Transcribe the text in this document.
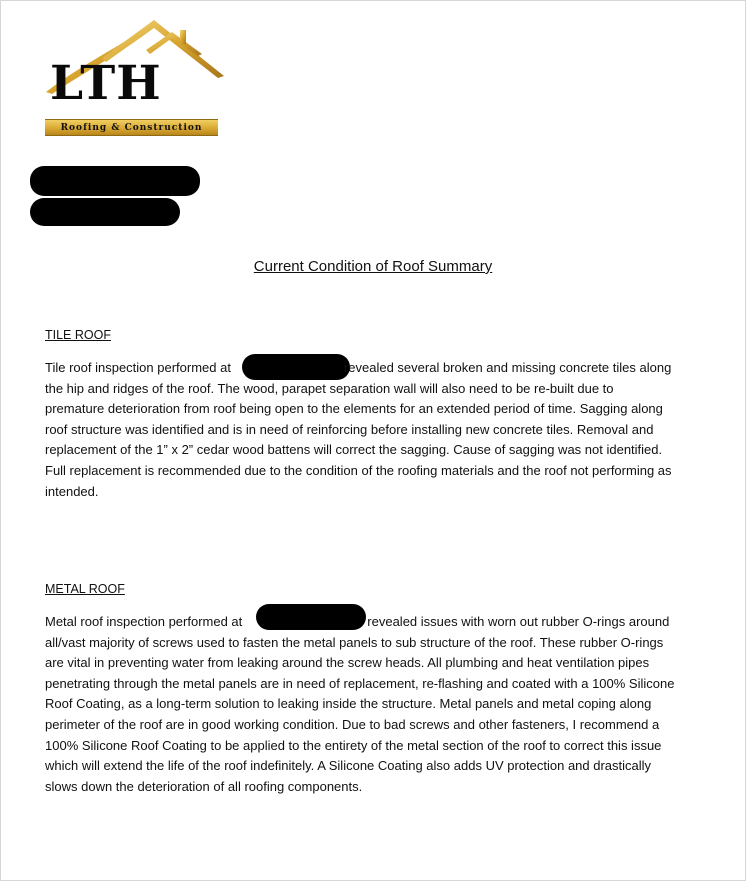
LTH
Roofing & Construction
Current Condition of Roof Summary
TILE ROOF
Tile roof inspection performed at	revealed several broken and missing concrete tiles along
the hip and ridges of the roof. The wood, parapet separation wall will also need to be re-built due to
premature deterioration from roof being open to the elements for an extended period of time. Sagging along
roof structure was identified and is in need of reinforcing before installing new concrete tiles. Removal and
replacement of the 1” x 2” cedar wood battens will correct the sagging. Cause of sagging was not identified.
Full replacement is recommended due to the condition of the roofing materials and the roof not performing as
intended.
METAL ROOF
Metal roof inspection performed at	revealed issues with worn out rubber O-rings around
all/vast majority of screws used to fasten the metal panels to sub structure of the roof. These rubber O-rings
are vital in preventing water from leaking around the screw heads. All plumbing and heat ventilation pipes
penetrating through the metal panels are in need of replacement, re-flashing and coated with a 100% Silicone
Roof Coating, as a long-term solution to leaking inside the structure. Metal panels and metal coping along
perimeter of the roof are in good working condition. Due to bad screws and other fasteners, I recommend a
100% Silicone Roof Coating to be applied to the entirety of the metal section of the roof to correct this issue
which will extend the life of the roof indefinitely. A Silicone Coating also adds UV protection and drastically
slows down the deterioration of all roofing components.
